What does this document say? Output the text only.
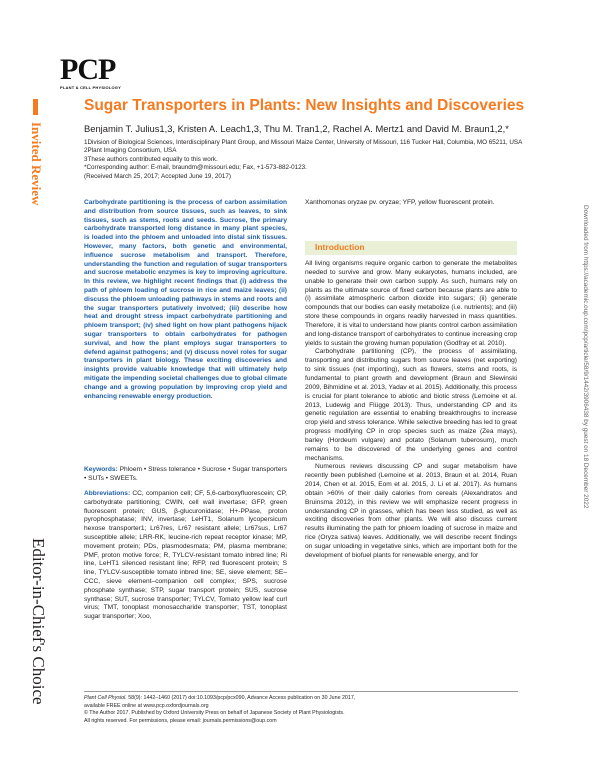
PCP
PLANT & CELL PHYSIOLOGY
Invited Review
Editor-in-Chief's Choice
Downloaded from https://academic.oup.com/pcp/article/58/9/1442/3906438 by guest on 18 December 2022
Sugar Transporters in Plants: New Insights and Discoveries
Benjamin T. Julius1,3, Kristen A. Leach1,3, Thu M. Tran1,2, Rachel A. Mertz1 and David M. Braun1,2,*
1Division of Biological Sciences, Interdisciplinary Plant Group, and Missouri Maize Center, University of Missouri, 116 Tucker Hall, Columbia, MO 65211, USA
2Plant Imaging Consortium, USA
3These authors contributed equally to this work.
*Corresponding author: E-mail, braundm@missouri.edu; Fax, +1-573-882-0123.
(Received March 25, 2017; Accepted June 19, 2017)
Carbohydrate partitioning is the process of carbon assimilation and distribution from source tissues, such as leaves, to sink tissues, such as stems, roots and seeds. Sucrose, the primary carbohydrate transported long distance in many plant species, is loaded into the phloem and unloaded into distal sink tissues. However, many factors, both genetic and environmental, influence sucrose metabolism and transport. Therefore, understanding the function and regulation of sugar transporters and sucrose metabolic enzymes is key to improving agriculture. In this review, we highlight recent findings that (i) address the path of phloem loading of sucrose in rice and maize leaves; (ii) discuss the phloem unloading pathways in stems and roots and the sugar transporters putatively involved; (iii) describe how heat and drought stress impact carbohydrate partitioning and phloem transport; (iv) shed light on how plant pathogens hijack sugar transporters to obtain carbohydrates for pathogen survival, and how the plant employs sugar transporters to defend against pathogens; and (v) discuss novel roles for sugar transporters in plant biology. These exciting discoveries and insights provide valuable knowledge that will ultimately help mitigate the impending societal challenges due to global climate change and a growing population by improving crop yield and enhancing renewable energy production.
Keywords: Phloem • Stress tolerance • Sucrose • Sugar transporters • SUTs • SWEETs.
Abbreviations: CC, companion cell; CF, 5,6-carboxyfluorescein; CP, carbohydrate partitioning; CWIN, cell wall invertase; GFP, green fluorescent protein; GUS, β-glucuronidase; H+-PPase, proton pyrophosphatase; INV, invertase; LeHT1, Solanum lycopersicum hexose transporter1; Lr67res, Lr67 resistant allele; Lr67sus, Lr67 susceptible allele; LRR-RK, leucine-rich repeat receptor kinase; MP, movement protein; PDs, plasmodesmata; PM, plasma membrane; PMF, proton motive force; R, TYLCV-resistant tomato inbred line; Ri line, LeHT1 silenced resistant line; RFP, red fluorescent protein; S line, TYLCV-susceptible tomato inbred line; SE, sieve element; SE–CCC, sieve element–companion cell complex; SPS, sucrose phosphate synthase; STP, sugar transport protein; SUS, sucrose synthase; SUT, sucrose transporter; TYLCV, Tomato yellow leaf curl virus; TMT, tonoplast monosaccharide transporter; TST, tonoplast sugar transporter; Xoo,
Xanthomonas oryzae pv. oryzae; YFP, yellow fluorescent protein.
Introduction

All living organisms require organic carbon to generate the metabolites needed to survive and grow. Many eukaryotes, humans included, are unable to generate their own carbon supply. As such, humans rely on plants as the ultimate source of fixed carbon because plants are able to (i) assimilate atmospheric carbon dioxide into sugars; (ii) generate compounds that our bodies can easily metabolize (i.e. nutrients); and (iii) store these compounds in organs readily harvested in mass quantities. Therefore, it is vital to understand how plants control carbon assimilation and long-distance transport of carbohydrates to continue increasing crop yields to sustain the growing human population (Godfray et al. 2010).

Carbohydrate partitioning (CP), the process of assimilating, transporting and distributing sugars from source leaves (net exporting) to sink tissues (net importing), such as flowers, stems and roots, is fundamental to plant growth and development (Braun and Slewinski 2009, Bihmidine et al. 2013, Yadav et al. 2015). Additionally, this process is crucial for plant tolerance to abiotic and biotic stress (Lemoine et al. 2013, Ludewig and Flügge 2013). Thus, understanding CP and its genetic regulation are essential to enabling breakthroughs to increase crop yield and stress tolerance. While selective breeding has led to great progress modifying CP in crop species such as maize (Zea mays), barley (Hordeum vulgare) and potato (Solanum tuberosum), much remains to be discovered of the underlying genes and control mechanisms.

Numerous reviews discussing CP and sugar metabolism have recently been published (Lemoine et al. 2013, Braun et al. 2014, Ruan 2014, Chen et al. 2015, Eom et al. 2015, J. Li et al. 2017). As humans obtain >60% of their daily calories from cereals (Alexandratos and Bruinsma 2012), in this review we will emphasize recent progress in understanding CP in grasses, which has been less studied, as well as exciting discoveries from other plants. We will also discuss current results illuminating the path for phloem loading of sucrose in maize and rice (Oryza sativa) leaves. Additionally, we will describe recent findings on sugar unloading in vegetative sinks, which are important both for the development of biofuel plants for renewable energy, and for

Plant Cell Physiol. 58(9): 1442–1460 (2017) doi:10.1093/pcp/pcx090, Advance Access publication on 30 June 2017,
available FREE online at www.pcp.oxfordjournals.org
© The Author 2017. Published by Oxford University Press on behalf of Japanese Society of Plant Physiologists.
All rights reserved. For permissions, please email: journals.permissions@oup.com
